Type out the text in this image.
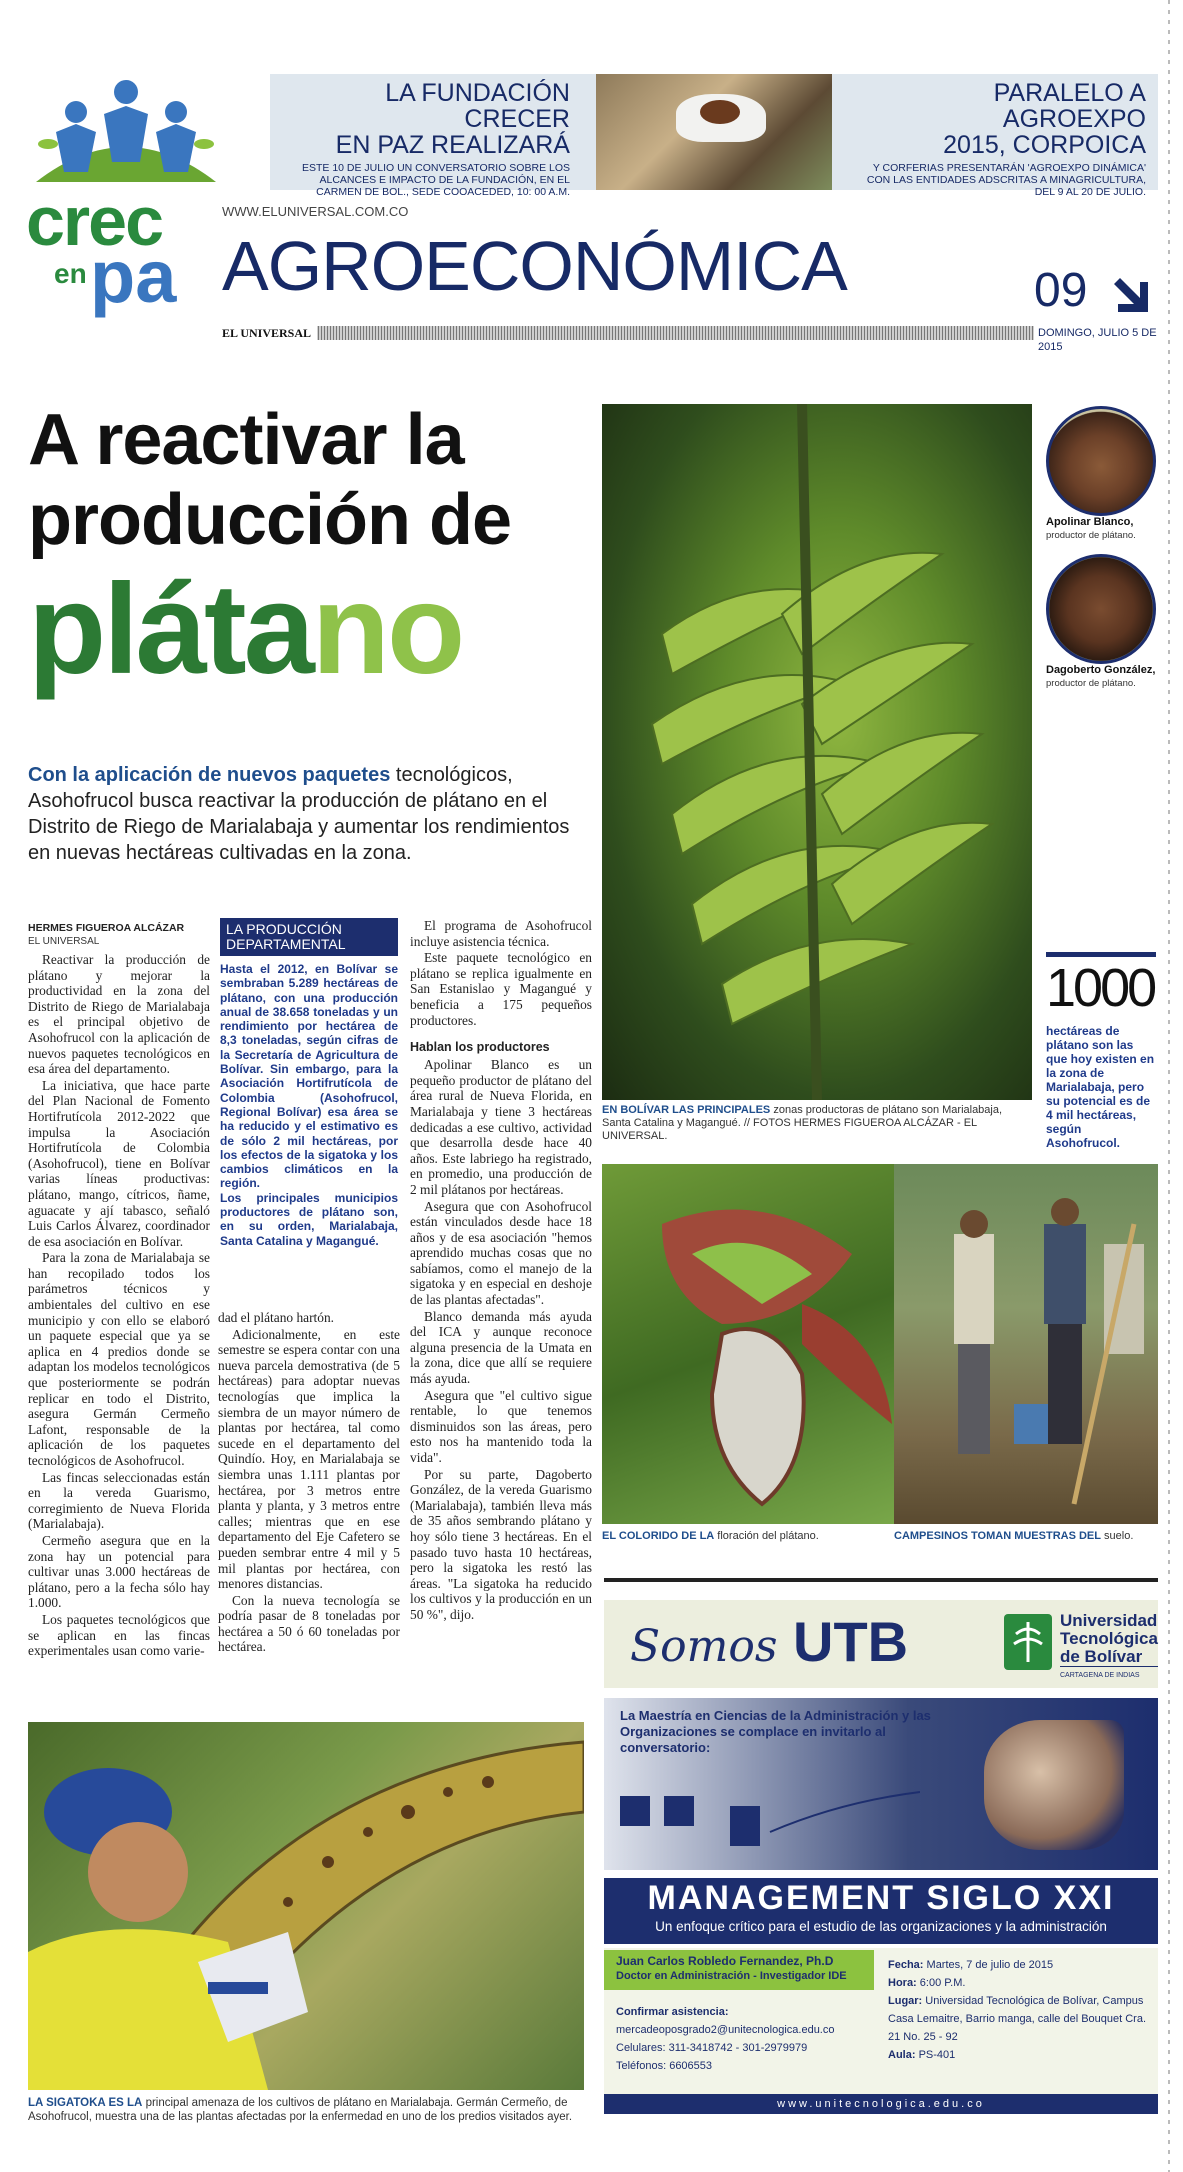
crec
en pa
LA FUNDACIÓN CRECER
EN PAZ REALIZARÁ
ESTE 10 DE JULIO UN CONVERSATORIO SOBRE LOS ALCANCES E IMPACTO DE LA FUNDACIÓN, EN EL CARMEN DE BOL., SEDE COOACEDED, 10: 00 A.M.
PARALELO A AGROEXPO
2015, CORPOICA
Y CORFERIAS PRESENTARÁN 'AGROEXPO DINÁMICA' CON LAS ENTIDADES ADSCRITAS A MINAGRICULTURA, DEL 9 AL 20 DE JULIO.
WWW.ELUNIVERSAL.COM.CO
AGROECONÓMICA
EL UNIVERSAL
09
DOMINGO, JULIO 5 DE 2015
A reactivar la
producción de
plátano
Con la aplicación de nuevos paquetes tecnológicos, Asohofrucol busca reactivar la producción de plátano en el Distrito de Riego de Marialabaja y aumentar los rendimientos en nuevas hectáreas cultivadas en la zona.
HERMES FIGUEROA ALCÁZAR
EL UNIVERSAL

Reactivar la producción de plátano y mejorar la productividad en la zona del Distrito de Riego de Marialabaja es el principal objetivo de Asohofrucol con la aplicación de nuevos paquetes tecnológicos en esa área del departamento.

La iniciativa, que hace parte del Plan Nacional de Fomento Hortifrutícola 2012-2022 que impulsa la Asociación Hortifrutícola de Colombia (Asohofrucol), tiene en Bolívar varias líneas productivas: plátano, mango, cítricos, ñame, aguacate y ají tabasco, señaló Luis Carlos Álvarez, coordinador de esa asociación en Bolívar.

Para la zona de Marialabaja se han recopilado todos los parámetros técnicos y ambientales del cultivo en ese municipio y con ello se elaboró un paquete especial que ya se aplica en 4 predios donde se adaptan los modelos tecnológicos que posteriormente se podrán replicar en todo el Distrito, asegura Germán Cermeño Lafont, responsable de la aplicación de los paquetes tecnológicos de Asohofrucol.

Las fincas seleccionadas están en la vereda Guarismo, corregimiento de Nueva Florida (Marialabaja).

Cermeño asegura que en la zona hay un potencial para cultivar unas 3.000 hectáreas de plátano, pero a la fecha sólo hay 1.000.

Los paquetes tecnológicos que se aplican en las fincas experimentales usan como varie-

LA PRODUCCIÓN
DEPARTAMENTAL
Hasta el 2012, en Bolívar se sembraban 5.289 hectáreas de plátano, con una producción anual de 38.658 toneladas y un rendimiento por hectárea de 8,3 toneladas, según cifras de la Secretaría de Agricultura de Bolívar. Sin embargo, para la Asociación Hortifrutícola de Colombia (Asohofrucol, Regional Bolívar) esa área se ha reducido y el estimativo es de sólo 2 mil hectáreas, por los efectos de la sigatoka y los cambios climáticos en la región.
Los principales municipios productores de plátano son, en su orden, Marialabaja, Santa Catalina y Magangué.

dad el plátano hartón.

Adicionalmente, en este semestre se espera contar con una nueva parcela demostrativa (de 5 hectáreas) para adoptar nuevas tecnologías que implica la siembra de un mayor número de plantas por hectárea, tal como sucede en el departamento del Quindío. Hoy, en Marialabaja se siembra unas 1.111 plantas por hectárea, por 3 metros entre planta y planta, y 3 metros entre calles; mientras que en ese departamento del Eje Cafetero se pueden sembrar entre 4 mil y 5 mil plantas por hectárea, con menores distancias.

Con la nueva tecnología se podría pasar de 8 toneladas por hectárea a 50 ó 60 toneladas por hectárea.

El programa de Asohofrucol incluye asistencia técnica.

Este paquete tecnológico en plátano se replica igualmente en San Estanislao y Magangué y beneficia a 175 pequeños productores.

Hablan los productores

Apolinar Blanco es un pequeño productor de plátano del área rural de Nueva Florida, en Marialabaja y tiene 3 hectáreas dedicadas a ese cultivo, actividad que desarrolla desde hace 40 años. Este labriego ha registrado, en promedio, una producción de 2 mil plátanos por hectáreas.

Asegura que con Asohofrucol están vinculados desde hace 18 años y de esa asociación "hemos aprendido muchas cosas que no sabíamos, como el manejo de la sigatoka y en especial en deshoje de las plantas afectadas".

Blanco demanda más ayuda del ICA y aunque reconoce alguna presencia de la Umata en la zona, dice que allí se requiere más ayuda.

Asegura que "el cultivo sigue rentable, lo que tenemos disminuidos son las áreas, pero esto nos ha mantenido toda la vida".

Por su parte, Dagoberto González, de la vereda Guarismo (Marialabaja), también lleva más de 35 años sembrando plátano y hoy sólo tiene 3 hectáreas. En el pasado tuvo hasta 10 hectáreas, pero la sigatoka les restó las áreas. "La sigatoka ha reducido los cultivos y la producción en un 50 %", dijo.

EN BOLÍVAR LAS PRINCIPALES zonas productoras de plátano son Marialabaja, Santa Catalina y Magangué. // FOTOS HERMES FIGUEROA ALCÁZAR - EL UNIVERSAL.
Apolinar Blanco,
productor de plátano.
Dagoberto González,
productor de plátano.
1000
hectáreas de plátano son las que hoy existen en la zona de Marialabaja, pero su potencial es de 4 mil hectáreas, según Asohofrucol.
EL COLORIDO DE LA floración del plátano.	CAMPESINOS TOMAN MUESTRAS DEL suelo.
LA SIGATOKA ES LA principal amenaza de los cultivos de plátano en Marialabaja. Germán Cermeño, de Asohofrucol, muestra una de las plantas afectadas por la enfermedad en uno de los predios visitados ayer.
Somos UTB	Universidad
Tecnológica
de Bolívar
CARTAGENA DE INDIAS
La Maestría en Ciencias de la Administración y las Organizaciones se complace en invitarlo al conversatorio:
MANAGEMENT SIGLO XXI
Un enfoque crítico para el estudio de las organizaciones y la administración
Juan Carlos Robledo Fernandez, Ph.D
Doctor en Administración - Investigador IDE
Confirmar asistencia:
mercadeoposgrado2@unitecnologica.edu.co
Celulares: 311-3418742 - 301-2979979
Teléfonos: 6606553
Fecha: Martes, 7 de julio de 2015
Hora: 6:00 P.M.
Lugar: Universidad Tecnológica de Bolívar, Campus Casa Lemaitre, Barrio manga, calle del Bouquet Cra. 21 No. 25 - 92
Aula: PS-401
www.unitecnologica.edu.co
